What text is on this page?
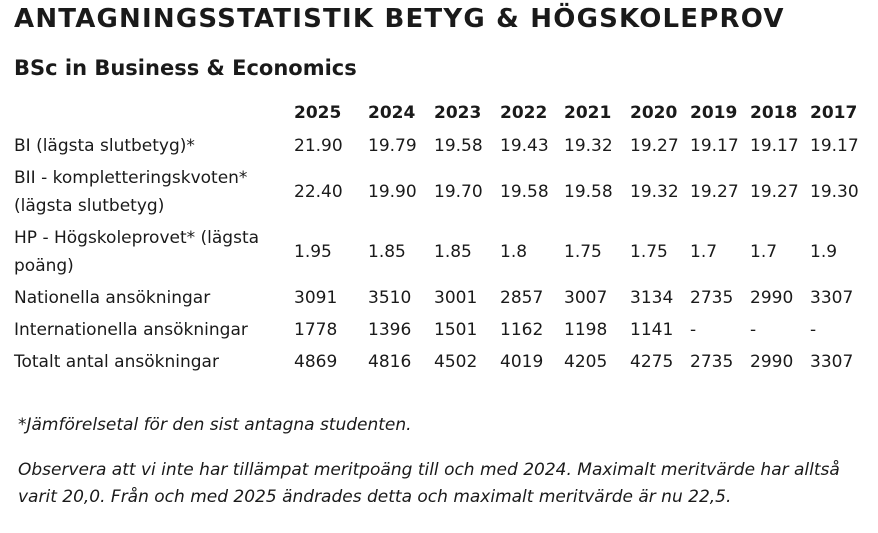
ANTAGNINGSSTATISTIK BETYG & HÖGSKOLEPROV
BSc in Business & Economics
	2025	2024	2023	2022	2021	2020	2019	2018	2017
BI (lägsta slutbetyg)*	21.90	19.79	19.58	19.43	19.32	19.27	19.17	19.17	19.17
BII - kompletteringskvoten* (lägsta slutbetyg)	22.40	19.90	19.70	19.58	19.58	19.32	19.27	19.27	19.30
HP - Högskoleprovet* (lägsta poäng)	1.95	1.85	1.85	1.8	1.75	1.75	1.7	1.7	1.9
Nationella ansökningar	3091	3510	3001	2857	3007	3134	2735	2990	3307
Internationella ansökningar	1778	1396	1501	1162	1198	1141	-	-	-
Totalt antal ansökningar	4869	4816	4502	4019	4205	4275	2735	2990	3307

*Jämförelsetal för den sist antagna studenten.

Observera att vi inte har tillämpat meritpoäng till och med 2024. Maximalt meritvärde har alltså varit 20,0. Från och med 2025 ändrades detta och maximalt meritvärde är nu 22,5.
